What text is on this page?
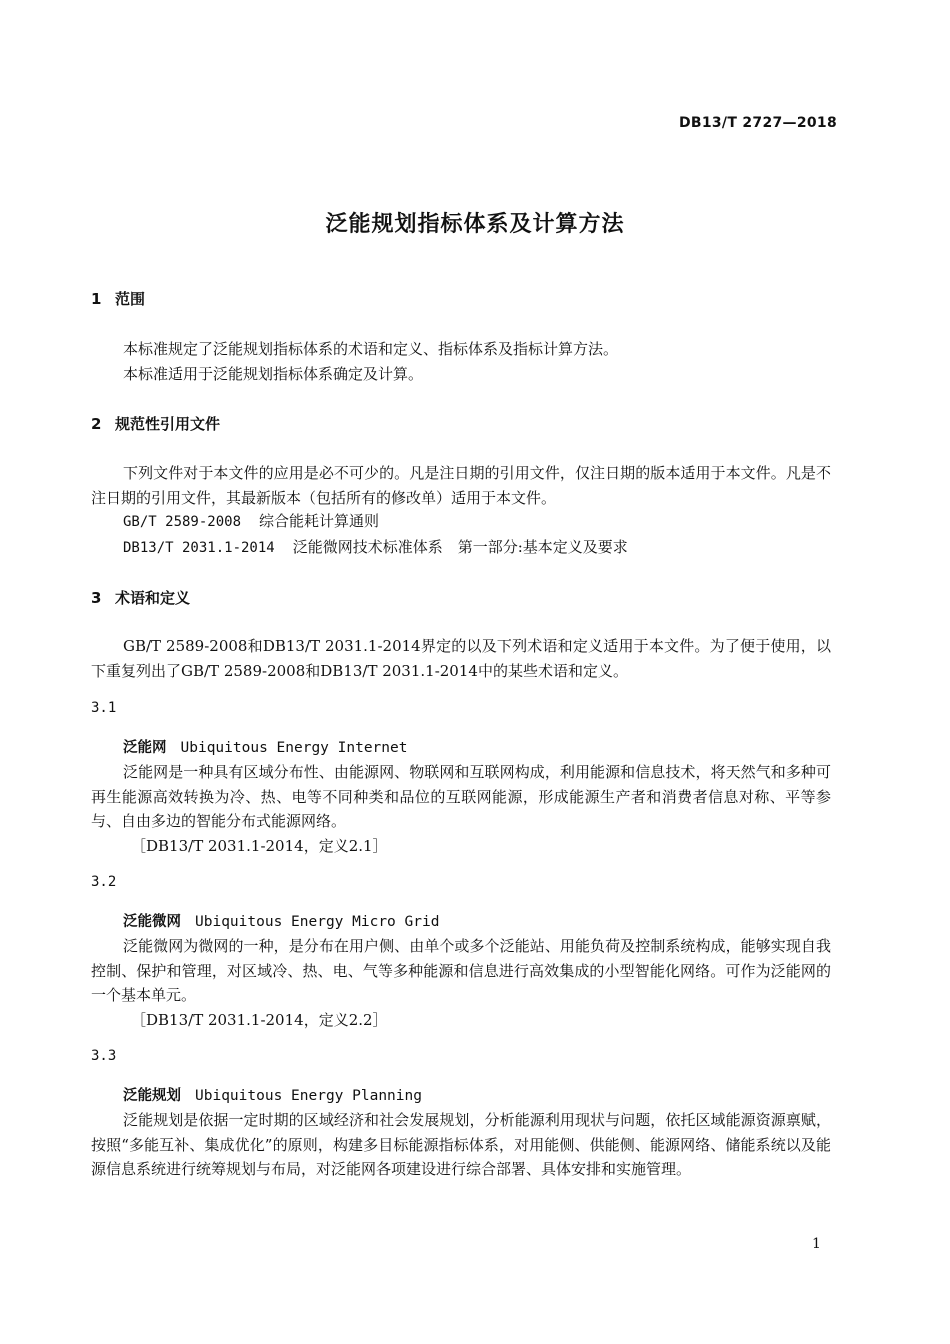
DB13/T 2727—2018
泛能规划指标体系及计算方法
1 范围
本标准规定了泛能规划指标体系的术语和定义、指标体系及指标计算方法。
本标准适用于泛能规划指标体系确定及计算。
2 规范性引用文件
下列文件对于本文件的应用是必不可少的。凡是注日期的引用文件，仅注日期的版本适用于本文件。凡是不注日期的引用文件，其最新版本（包括所有的修改单）适用于本文件。
GB/T 2589-2008 综合能耗计算通则
DB13/T 2031.1-2014 泛能微网技术标准体系　第一部分:基本定义及要求
3 术语和定义
GB/T 2589-2008和DB13/T 2031.1-2014界定的以及下列术语和定义适用于本文件。为了便于使用，以下重复列出了GB/T 2589-2008和DB13/T 2031.1-2014中的某些术语和定义。
3.1
泛能网 Ubiquitous Energy Internet
泛能网是一种具有区域分布性、由能源网、物联网和互联网构成，利用能源和信息技术，将天然气和多种可再生能源高效转换为冷、热、电等不同种类和品位的互联网能源，形成能源生产者和消费者信息对称、平等参与、自由多边的智能分布式能源网络。
［DB13/T 2031.1-2014，定义2.1］
3.2
泛能微网 Ubiquitous Energy Micro Grid
泛能微网为微网的一种，是分布在用户侧、由单个或多个泛能站、用能负荷及控制系统构成，能够实现自我控制、保护和管理，对区域冷、热、电、气等多种能源和信息进行高效集成的小型智能化网络。可作为泛能网的一个基本单元。
［DB13/T 2031.1-2014，定义2.2］
3.3
泛能规划 Ubiquitous Energy Planning
泛能规划是依据一定时期的区域经济和社会发展规划，分析能源利用现状与问题，依托区域能源资源禀赋，按照“多能互补、集成优化”的原则，构建多目标能源指标体系，对用能侧、供能侧、能源网络、储能系统以及能源信息系统进行统筹规划与布局，对泛能网各项建设进行综合部署、具体安排和实施管理。
1
